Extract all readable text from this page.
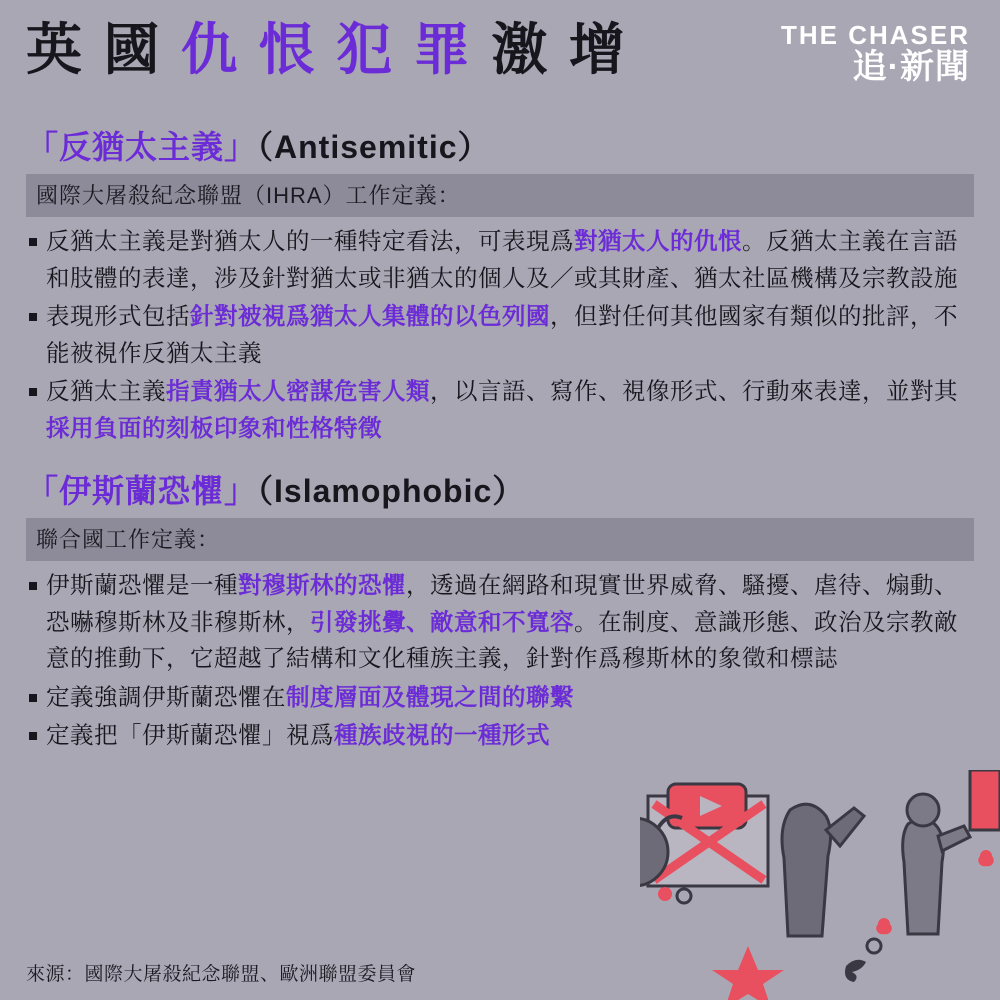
英 國 仇 恨 犯 罪 激 增	THE CHASER
追·新聞
「反猶太主義」（Antisemitic）
國際大屠殺紀念聯盟（IHRA）工作定義：
反猶太主義是對猶太人的一種特定看法，可表現爲對猶太人的仇恨。反猶太主義在言語和肢體的表達，涉及針對猶太或非猶太的個人及／或其財產、猶太社區機構及宗教設施
表現形式包括針對被視爲猶太人集體的以色列國，但對任何其他國家有類似的批評，不能被視作反猶太主義
反猶太主義指責猶太人密謀危害人類，以言語、寫作、視像形式、行動來表達，並對其採用負面的刻板印象和性格特徵
「伊斯蘭恐懼」（Islamophobic）
聯合國工作定義：
伊斯蘭恐懼是一種對穆斯林的恐懼，透過在網路和現實世界威脅、騷擾、虐待、煽動、恐嚇穆斯林及非穆斯林，引發挑釁、敵意和不寬容。在制度、意識形態、政治及宗教敵意的推動下，它超越了結構和文化種族主義，針對作爲穆斯林的象徵和標誌
定義強調伊斯蘭恐懼在制度層面及體現之間的聯繫
定義把「伊斯蘭恐懼」視爲種族歧視的一種形式
來源：國際大屠殺紀念聯盟、歐洲聯盟委員會
